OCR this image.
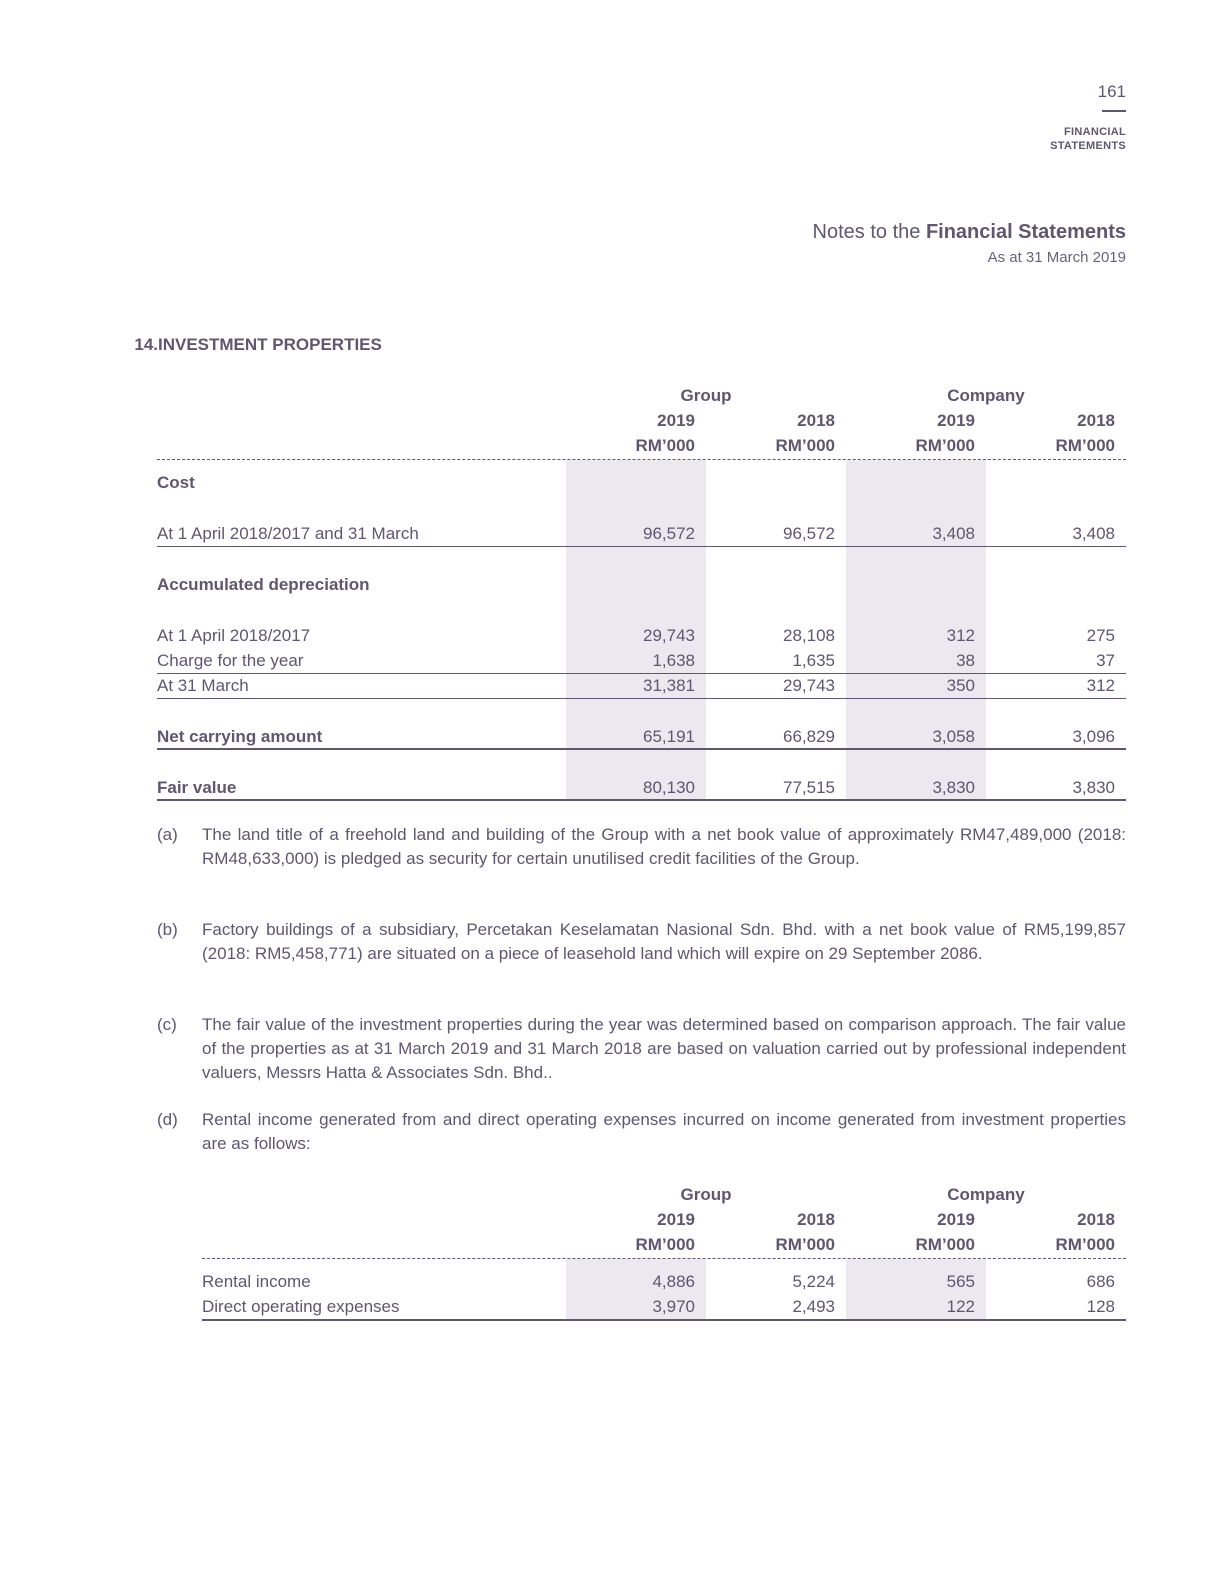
161
FINANCIAL
STATEMENTS
Notes to the Financial Statements
As at 31 March 2019
14.INVESTMENT PROPERTIES
Group	Company
2019	2018	2019	2018
RM’000	RM’000	RM’000	RM’000
Cost
At 1 April 2018/2017 and 31 March	96,572	96,572	3,408	3,408
Accumulated depreciation
At 1 April 2018/2017	29,743	28,108	312	275
Charge for the year	1,638	1,635	38	37
At 31 March	31,381	29,743	350	312
Net carrying amount	65,191	66,829	3,058	3,096
Fair value	80,130	77,515	3,830	3,830
(a) The land title of a freehold land and building of the Group with a net book value of approximately RM47,489,000 (2018: RM48,633,000) is pledged as security for certain unutilised credit facilities of the Group.
(b) Factory buildings of a subsidiary, Percetakan Keselamatan Nasional Sdn. Bhd. with a net book value of RM5,199,857 (2018: RM5,458,771) are situated on a piece of leasehold land which will expire on 29 September 2086.
(c) The fair value of the investment properties during the year was determined based on comparison approach. The fair value of the properties as at 31 March 2019 and 31 March 2018 are based on valuation carried out by professional independent valuers, Messrs Hatta & Associates Sdn. Bhd..
(d) Rental income generated from and direct operating expenses incurred on income generated from investment properties are as follows:
Group	Company
2019	2018	2019	2018
RM’000	RM’000	RM’000	RM’000
Rental income	4,886	5,224	565	686
Direct operating expenses	3,970	2,493	122	128
